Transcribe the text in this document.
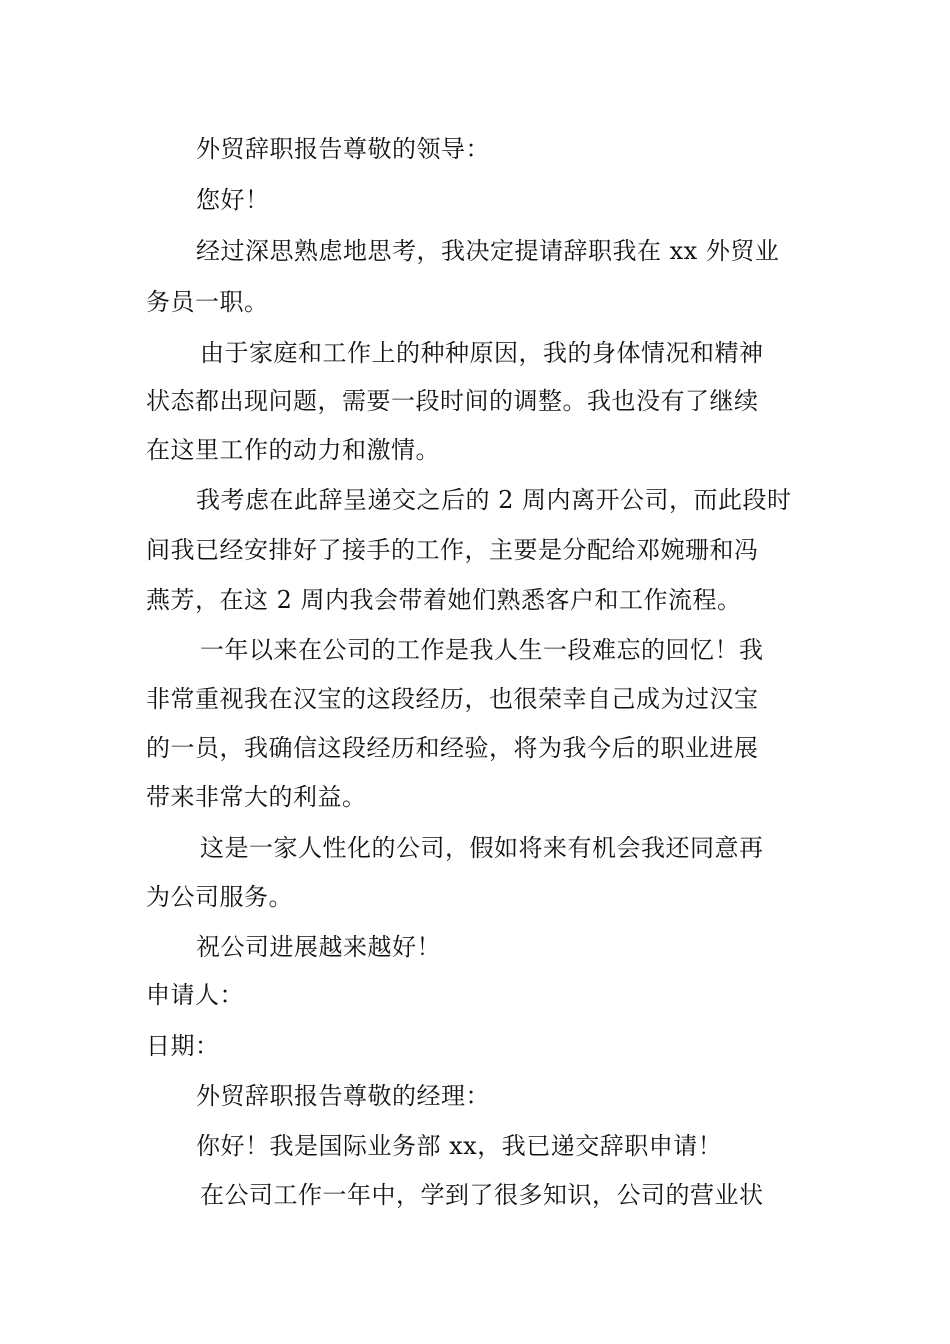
外贸辞职报告尊敬的领导：
您好！
经过深思熟虑地思考，我决定提请辞职我在 xx 外贸业
务员一职。
由于家庭和工作上的种种原因，我的身体情况和精神
状态都出现问题，需要一段时间的调整。我也没有了继续
在这里工作的动力和激情。
我考虑在此辞呈递交之后的 2 周内离开公司，而此段时
间我已经安排好了接手的工作，主要是分配给邓婉珊和冯
燕芳，在这 2 周内我会带着她们熟悉客户和工作流程。
一年以来在公司的工作是我人生一段难忘的回忆！我
非常重视我在汉宝的这段经历，也很荣幸自己成为过汉宝
的一员，我确信这段经历和经验，将为我今后的职业进展
带来非常大的利益。
这是一家人性化的公司，假如将来有机会我还同意再
为公司服务。
祝公司进展越来越好！
申请人：
日期：
外贸辞职报告尊敬的经理：
你好！我是国际业务部 xx，我已递交辞职申请！
在公司工作一年中，学到了很多知识，公司的营业状
